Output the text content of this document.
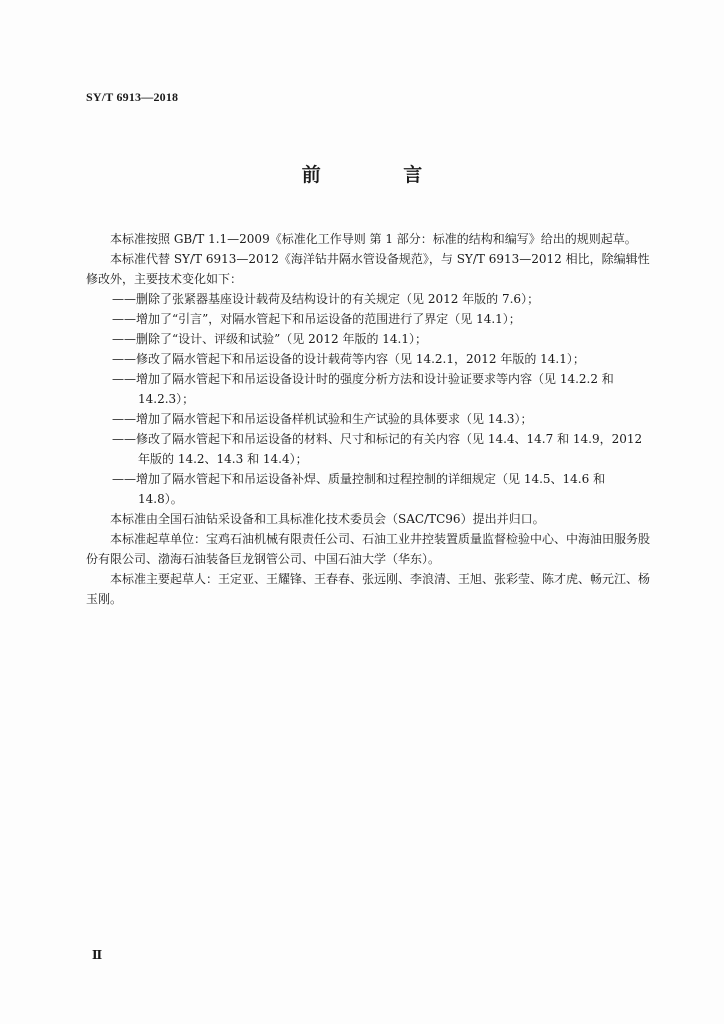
SY/T 6913—2018
前 言

本标准按照 GB/T 1.1—2009《标准化工作导则 第 1 部分：标准的结构和编写》给出的规则起草。

本标准代替 SY/T 6913—2012《海洋钻井隔水管设备规范》，与 SY/T 6913—2012 相比，除编辑性修改外，主要技术变化如下：

——删除了张紧器基座设计载荷及结构设计的有关规定（见 2012 年版的 7.6）；
——增加了“引言”，对隔水管起下和吊运设备的范围进行了界定（见 14.1）；
——删除了“设计、评级和试验”（见 2012 年版的 14.1）；
——修改了隔水管起下和吊运设备的设计载荷等内容（见 14.2.1，2012 年版的 14.1）；
——增加了隔水管起下和吊运设备设计时的强度分析方法和设计验证要求等内容（见 14.2.2 和 14.2.3）；
——增加了隔水管起下和吊运设备样机试验和生产试验的具体要求（见 14.3）；
——修改了隔水管起下和吊运设备的材料、尺寸和标记的有关内容（见 14.4、14.7 和 14.9，2012 年版的 14.2、14.3 和 14.4）；
——增加了隔水管起下和吊运设备补焊、质量控制和过程控制的详细规定（见 14.5、14.6 和 14.8）。

本标准由全国石油钻采设备和工具标准化技术委员会（SAC/TC96）提出并归口。

本标准起草单位：宝鸡石油机械有限责任公司、石油工业井控装置质量监督检验中心、中海油田服务股份有限公司、渤海石油装备巨龙钢管公司、中国石油大学（华东）。

本标准主要起草人：王定亚、王耀锋、王春春、张远刚、李浪清、王旭、张彩莹、陈才虎、畅元江、杨玉刚。

Ⅱ
